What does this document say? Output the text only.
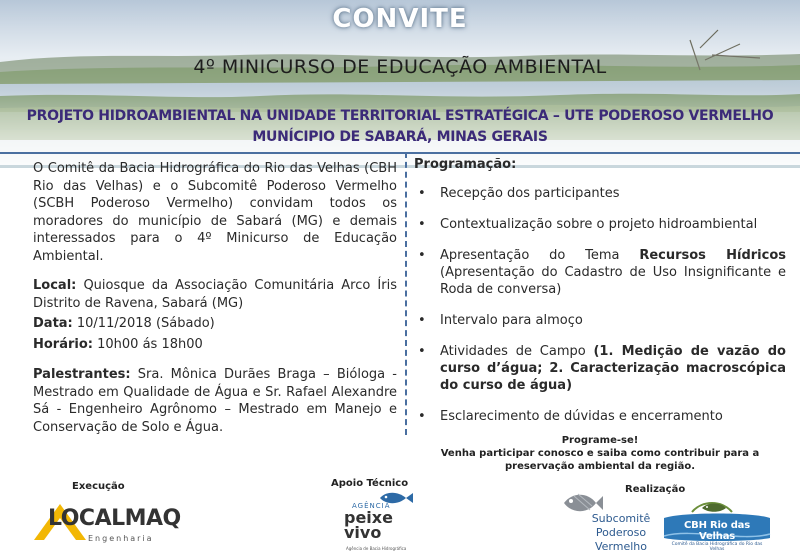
CONVITE
4º MINICURSO DE EDUCAÇÃO AMBIENTAL
PROJETO HIDROAMBIENTAL NA UNIDADE TERRITORIAL ESTRATÉGICA – UTE PODEROSO VERMELHO
MUNÍCIPIO DE SABARÁ, MINAS GERAIS

O Comitê da Bacia Hidrográfica do Rio das Velhas (CBH Rio das Velhas) e o Subcomitê Poderoso Vermelho (SCBH Poderoso Vermelho) convidam todos os moradores do município de Sabará (MG) e demais interessados para o 4º Minicurso de Educação Ambiental.

Local: Quiosque da Associação Comunitária Arco Íris Distrito de Ravena, Sabará (MG)

Data: 10/11/2018 (Sábado)

Horário: 10h00 ás 18h00

Palestrantes: Sra. Mônica Durães Braga – Bióloga - Mestrado em Qualidade de Água e Sr. Rafael Alexandre Sá - Engenheiro Agrônomo – Mestrado em Manejo e Conservação de Solo e Água.

Programação:
• Recepção dos participantes
• Contextualização sobre o projeto hidroambiental
• Apresentação do Tema Recursos Hídricos (Apresentação do Cadastro de Uso Insignificante e Roda de conversa)
• Intervalo para almoço
• Atividades de Campo (1. Medição de vazão do curso d’água; 2. Caracterização macroscópica do curso de água)
• Esclarecimento de dúvidas e encerramento
Programe-se!
Venha participar conosco e saiba como contribuir para a preservação ambiental da região.
Execução	Apoio Técnico
Realização
LOCALMAQ
Engenharia
AGÊNCIA
peixe
vivo
Agência de Bacia Hidrográfica
Subcomitê Poderoso Vermelho
CBH Rio das Velhas
Comitê da Bacia Hidrográfica do Rio das Velhas
